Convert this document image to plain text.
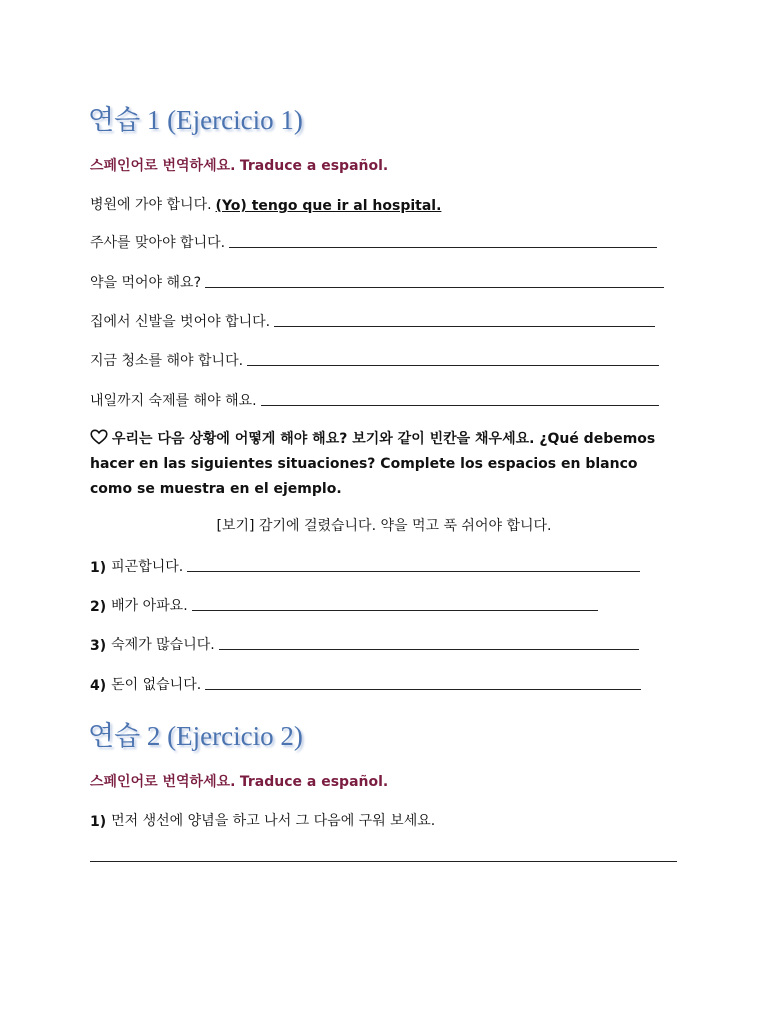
연습 1 (Ejercicio 1)
스페인어로 번역하세요. Traduce a español.
병원에 가야 합니다. (Yo) tengo que ir al hospital.
주사를 맞아야 합니다.
약을 먹어야 해요?
집에서 신발을 벗어야 합니다.
지금 청소를 해야 합니다.
내일까지 숙제를 해야 해요.

우리는 다음 상황에 어떻게 해야 해요? 보기와 같이 빈칸을 채우세요. ¿Qué debemos hacer en las siguientes situaciones? Complete los espacios en blanco como se muestra en el ejemplo.

[보기] 감기에 걸렸습니다. 약을 먹고 푹 쉬어야 합니다.
1) 피곤합니다.
2) 배가 아파요.
3) 숙제가 많습니다.
4) 돈이 없습니다.
연습 2 (Ejercicio 2)
스페인어로 번역하세요. Traduce a español.
1) 먼저 생선에 양념을 하고 나서 그 다음에 구워 보세요.
